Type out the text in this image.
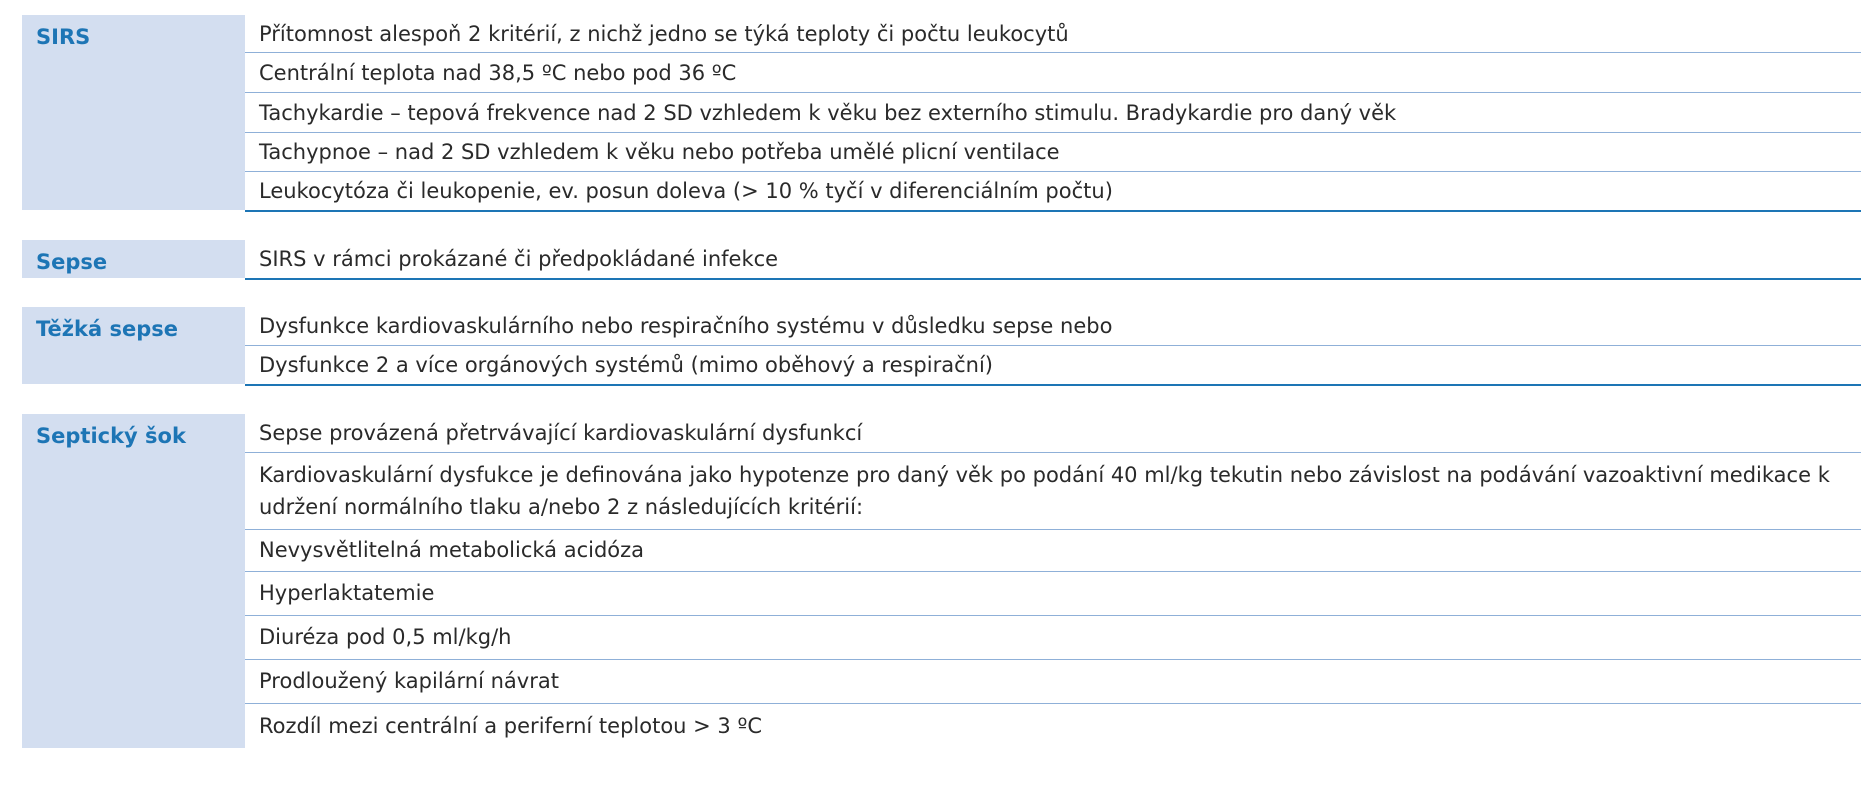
SIRS	Přítomnost alespoň 2 kritérií, z nichž jedno se týká teploty či počtu leukocytů
Centrální teplota nad 38,5 ºC nebo pod 36 ºC
Tachykardie – tepová frekvence nad 2 SD vzhledem k věku bez externího stimulu. Bradykardie pro daný věk
Tachypnoe – nad 2 SD vzhledem k věku nebo potřeba umělé plicní ventilace
Leukocytóza či leukopenie, ev. posun doleva (> 10 % tyčí v diferenciálním počtu)
Sepse	SIRS v rámci prokázané či předpokládané infekce
Těžká sepse	Dysfunkce kardiovaskulárního nebo respiračního systému v důsledku sepse nebo
Dysfunkce 2 a více orgánových systémů (mimo oběhový a respirační)
Septický šok	Sepse provázená přetrvávající kardiovaskulární dysfunkcí
Kardiovaskulární dysfukce je definována jako hypotenze pro daný věk po podání 40 ml/kg tekutin nebo závislost na podávání vazoaktivní medikace k udržení normálního tlaku a/nebo 2 z následujících kritérií:
Nevysvětlitelná metabolická acidóza
Hyperlaktatemie
Diuréza pod 0,5 ml/kg/h
Prodloužený kapilární návrat
Rozdíl mezi centrální a periferní teplotou > 3 ºC
